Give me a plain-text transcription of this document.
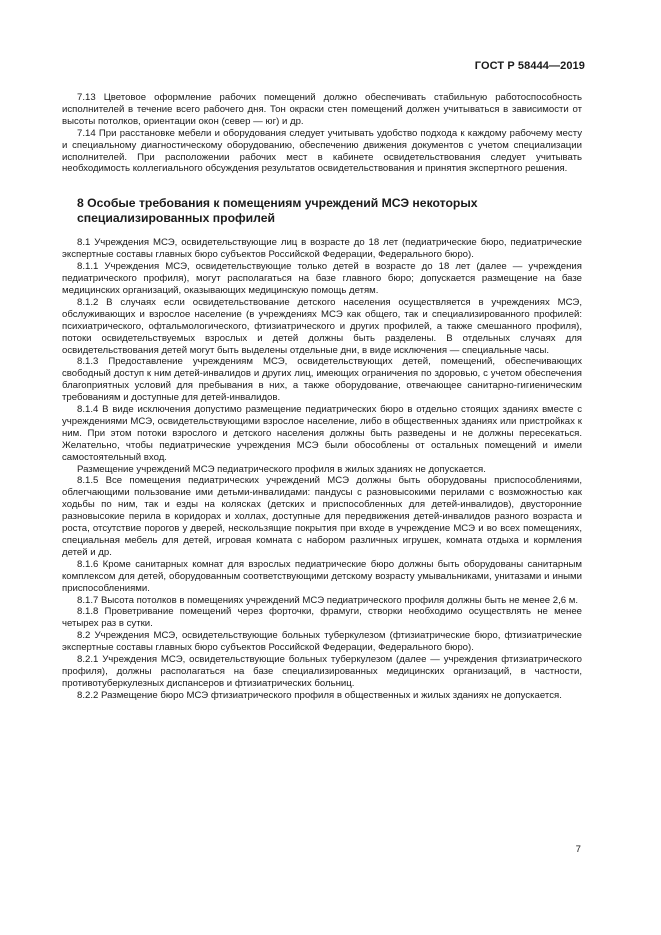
ГОСТ Р 58444—2019

7.13 Цветовое оформление рабочих помещений должно обеспечивать стабильную работоспособность исполнителей в течение всего рабочего дня. Тон окраски стен помещений должен учитываться в зависимости от высоты потолков, ориентации окон (север — юг) и др.

7.14 При расстановке мебели и оборудования следует учитывать удобство подхода к каждому рабочему месту и специальному диагностическому оборудованию, обеспечению движения документов с учетом специализации исполнителей. При расположении рабочих мест в кабинете освидетельствования следует учитывать необходимость коллегиального обсуждения результатов освидетельствования и принятия экспертного решения.

8 Особые требования к помещениям учреждений МСЭ некоторых специализированных профилей

8.1 Учреждения МСЭ, освидетельствующие лиц в возрасте до 18 лет (педиатрические бюро, педиатрические экспертные составы главных бюро субъектов Российской Федерации, Федерального бюро).

8.1.1 Учреждения МСЭ, освидетельствующие только детей в возрасте до 18 лет (далее — учреждения педиатрического профиля), могут располагаться на базе главного бюро; допускается размещение на базе медицинских организаций, оказывающих медицинскую помощь детям.

8.1.2 В случаях если освидетельствование детского населения осуществляется в учреждениях МСЭ, обслуживающих и взрослое население (в учреждениях МСЭ как общего, так и специализированного профилей: психиатрического, офтальмологического, фтизиатрического и других профилей, а также смешанного профиля), потоки освидетельствуемых взрослых и детей должны быть разделены. В отдельных случаях для освидетельствования детей могут быть выделены отдельные дни, в виде исключения — специальные часы.

8.1.3 Предоставление учреждениям МСЭ, освидетельствующих детей, помещений, обеспечивающих свободный доступ к ним детей-инвалидов и других лиц, имеющих ограничения по здоровью, с учетом обеспечения благоприятных условий для пребывания в них, а также оборудование, отвечающее санитарно-гигиеническим требованиям и доступные для детей-инвалидов.

8.1.4 В виде исключения допустимо размещение педиатрических бюро в отдельно стоящих зданиях вместе с учреждениями МСЭ, освидетельствующими взрослое население, либо в общественных зданиях или пристройках к ним. При этом потоки взрослого и детского населения должны быть разведены и не должны пересекаться. Желательно, чтобы педиатрические учреждения МСЭ были обособлены от остальных помещений и имели самостоятельный вход.

Размещение учреждений МСЭ педиатрического профиля в жилых зданиях не допускается.

8.1.5 Все помещения педиатрических учреждений МСЭ должны быть оборудованы приспособлениями, облегчающими пользование ими детьми-инвалидами: пандусы с разновысокими перилами с возможностью как ходьбы по ним, так и езды на колясках (детских и приспособленных для детей-инвалидов), двусторонние разновысокие перила в коридорах и холлах, доступные для передвижения детей-инвалидов разного возраста и роста, отсутствие порогов у дверей, нескользящие покрытия при входе в учреждение МСЭ и во всех помещениях, специальная мебель для детей, игровая комната с набором различных игрушек, комната отдыха и кормления детей и др.

8.1.6 Кроме санитарных комнат для взрослых педиатрические бюро должны быть оборудованы санитарным комплексом для детей, оборудованным соответствующими детскому возрасту умывальниками, унитазами и иными приспособлениями.

8.1.7 Высота потолков в помещениях учреждений МСЭ педиатрического профиля должны быть не менее 2,6 м.

8.1.8 Проветривание помещений через форточки, фрамуги, створки необходимо осуществлять не менее четырех раз в сутки.

8.2 Учреждения МСЭ, освидетельствующие больных туберкулезом (фтизиатрические бюро, фтизиатрические экспертные составы главных бюро субъектов Российской Федерации, Федерального бюро).

8.2.1 Учреждения МСЭ, освидетельствующие больных туберкулезом (далее — учреждения фтизиатрического профиля), должны располагаться на базе специализированных медицинских организаций, в частности, противотуберкулезных диспансеров и фтизиатрических больниц.

8.2.2 Размещение бюро МСЭ фтизиатрического профиля в общественных и жилых зданиях не допускается.

7
